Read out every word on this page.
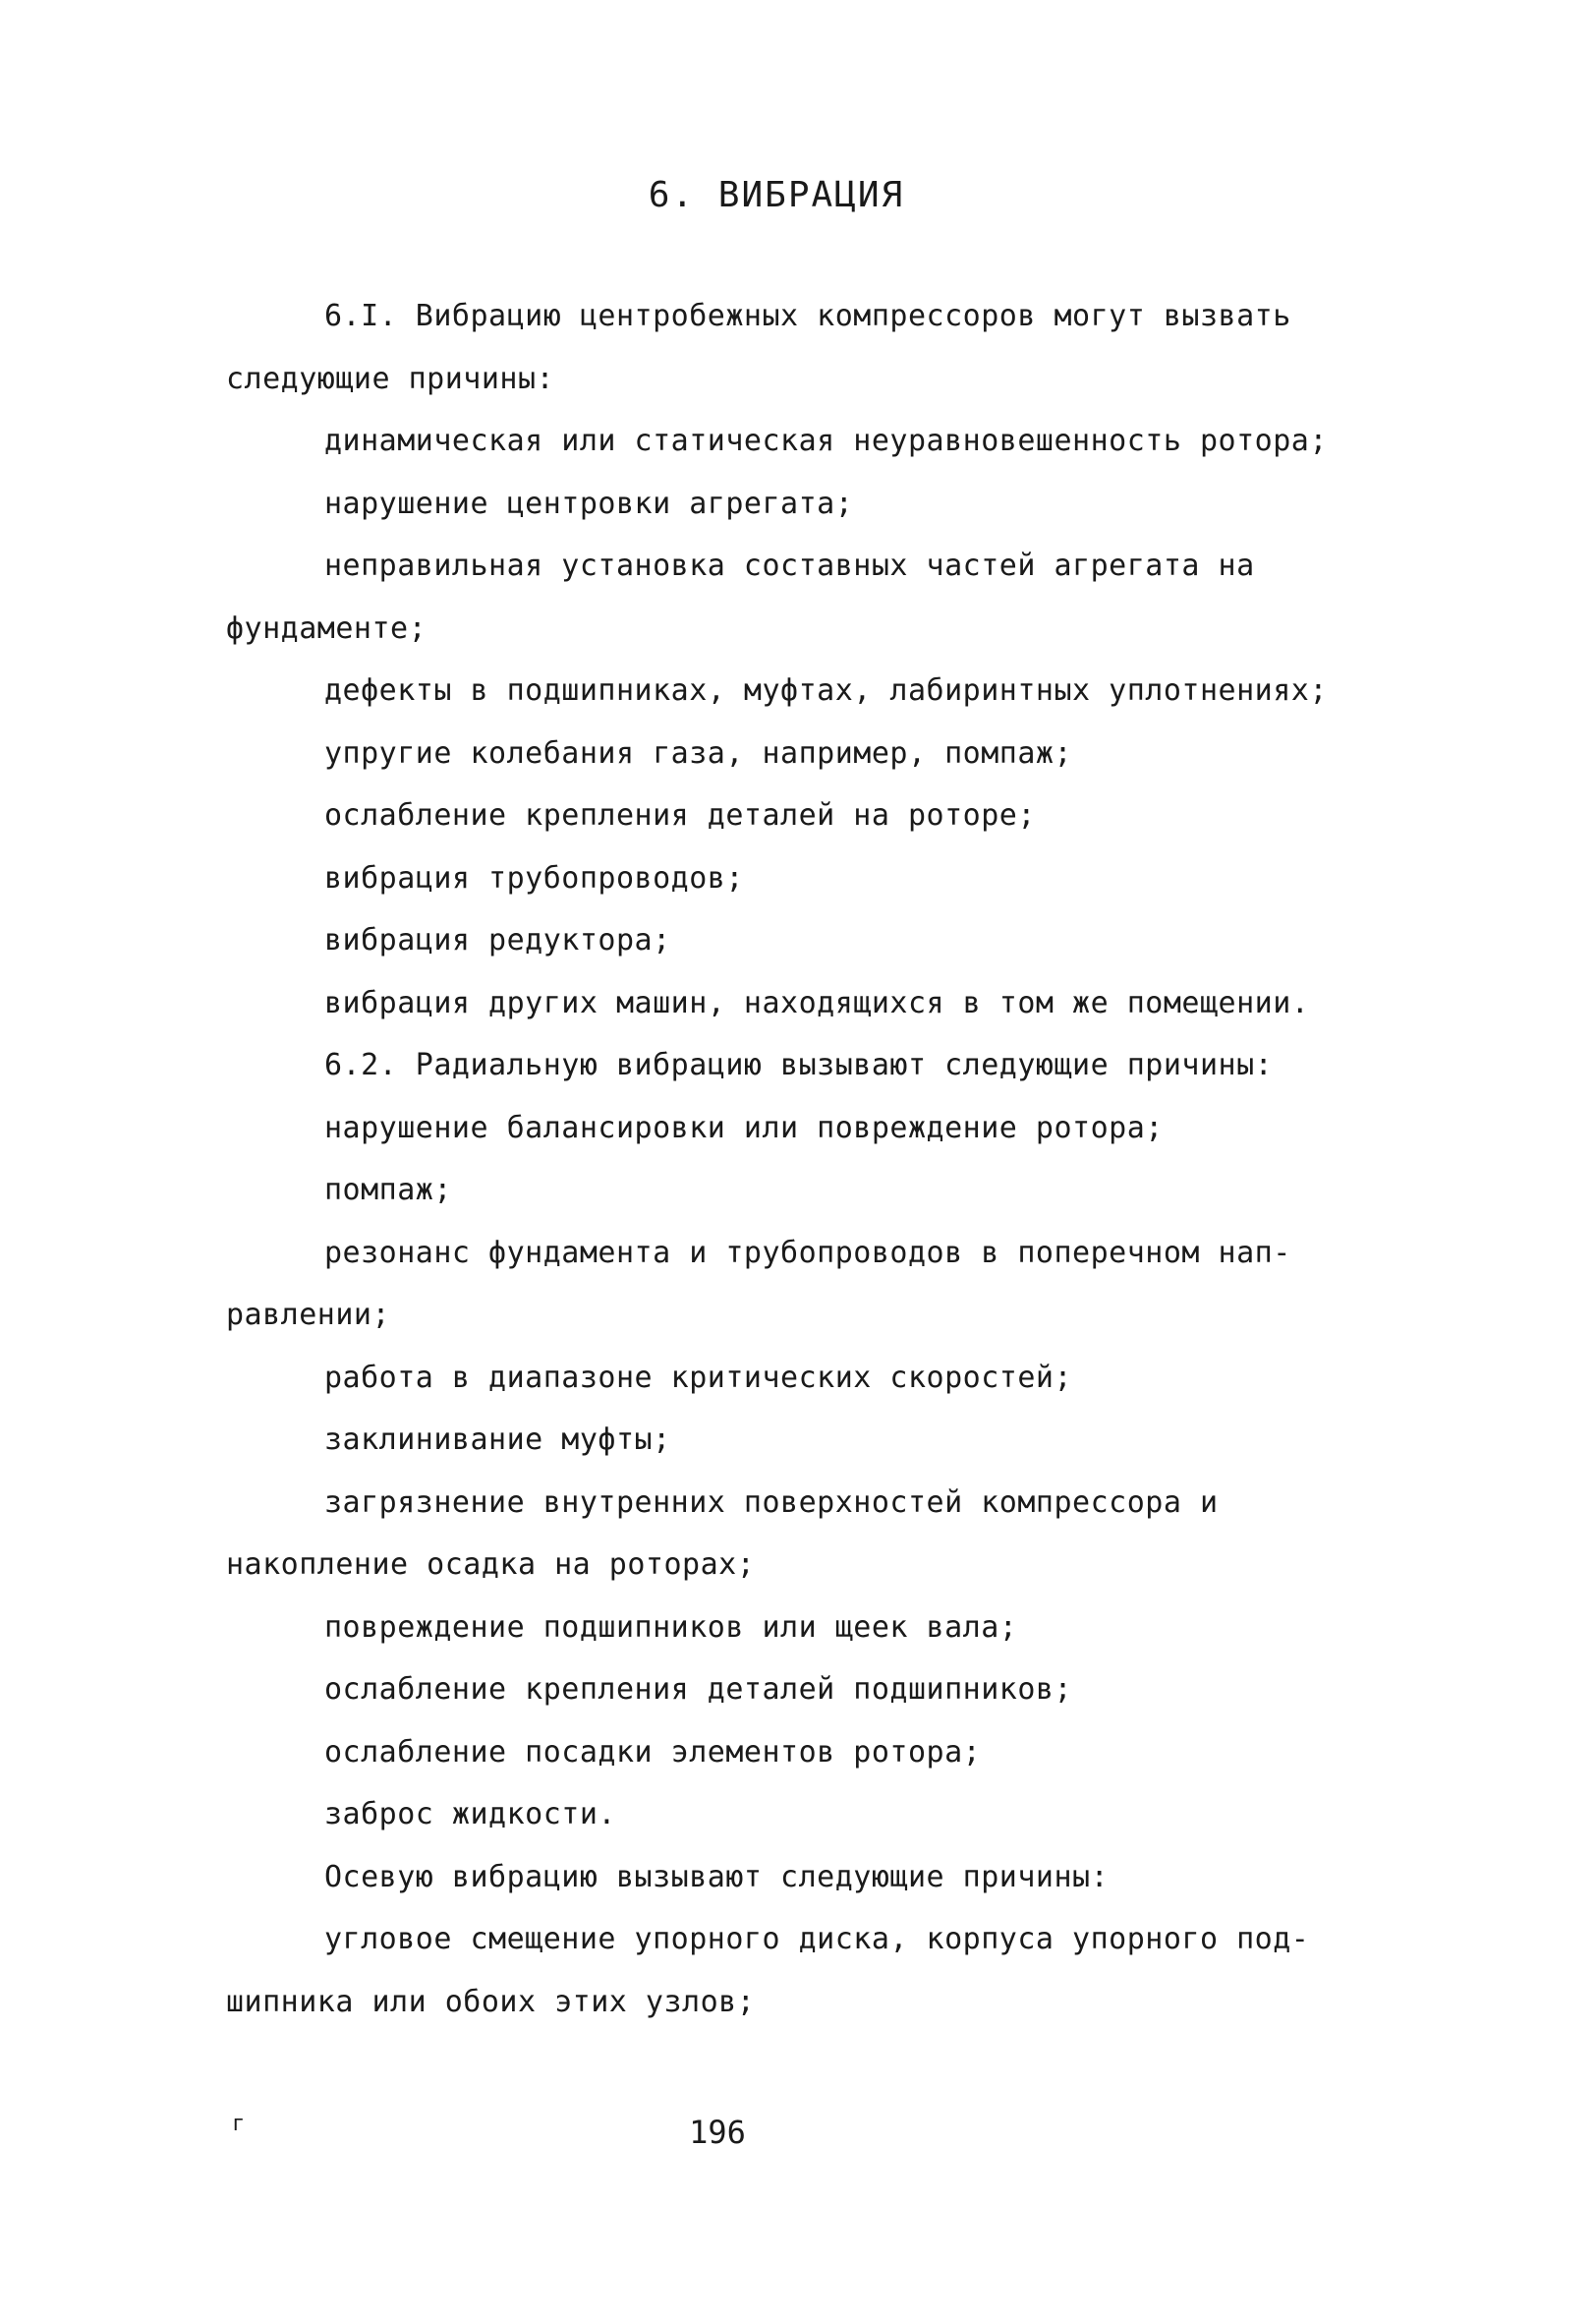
6. ВИБРАЦИЯ
6.I. Вибрацию центробежных компрессоров могут вызвать
следующие причины:
динамическая или статическая неуравновешенность ротора;
нарушение центровки агрегата;
неправильная установка составных частей агрегата на
фундаменте;
дефекты в подшипниках, муфтах, лабиринтных уплотнениях;
упругие колебания газа, например, помпаж;
ослабление крепления деталей на роторе;
вибрация трубопроводов;
вибрация редуктора;
вибрация других машин, находящихся в том же помещении.
6.2. Радиальную вибрацию вызывают следующие причины:
нарушение балансировки или повреждение ротора;
помпаж;
резонанс фундамента и трубопроводов в поперечном нап-
равлении;
работа в диапазоне критических скоростей;
заклинивание муфты;
загрязнение внутренних поверхностей компрессора и
накопление осадка на роторах;
повреждение подшипников или щеек вала;
ослабление крепления деталей подшипников;
ослабление посадки элементов ротора;
заброс жидкости.
Осевую вибрацию вызывают следующие причины:
угловое смещение упорного диска, корпуса упорного под-
шипника или обоих этих узлов;
г	196
